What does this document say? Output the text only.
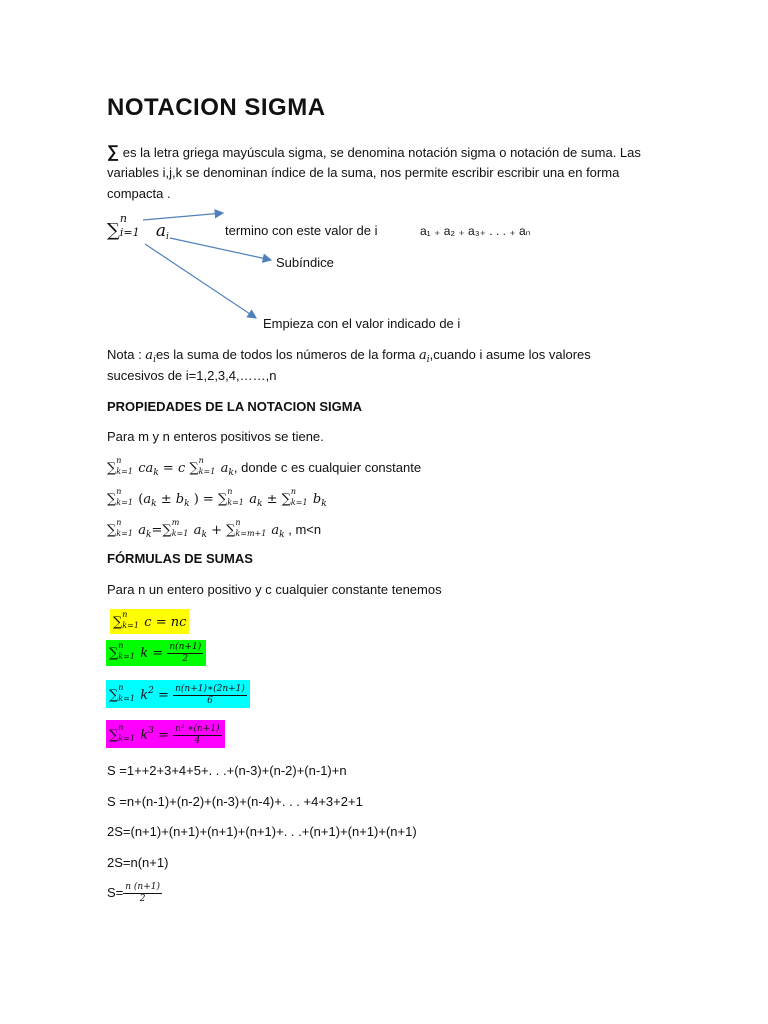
NOTACION SIGMA
∑ es la letra griega mayúscula sigma, se denomina notación sigma o notación de suma. Las
variables i,j,k se denominan índice de la suma, nos permite escribir escribir una en forma
compacta .
∑
n
i=1 $a_i$	termino con este valor de i	a₁ ₊ a₂ ₊ a₃₊ . . . ₊ aₙ
Subíndice
Empieza con el valor indicado de i
Nota : $a_ies$ la suma de todos los números de la forma $a_i,cuando$ i asume los valores
sucesivos de i=1,2,3,4,……,n
PROPIEDADES DE LA NOTACION SIGMA
Para m y n enteros positivos se tiene.
∑
n
k=1 $ca_k = c$ ∑
n
k=1 $a_k$, donde c es cualquier constante
∑
n
k=1 ($a_k \pm b_k$ ) = ∑
n
k=1 $a_k$ ± ∑
n
k=1 $b_k$
∑
n
k=1 $a_k=\sum$
m
k=1 $a_k$ + ∑
n
k=m+1 $a_k$ , m<n
FÓRMULAS DE SUMAS
Para n un entero positivo y c cualquier constante tenemos
∑
n
k=1 c = nc
∑
n
k=1 $k = \frac{n(n+1)}{2}$
∑
n
k=1 $k^2 = \frac{n(n+1)∗(2n+1)}{6}$
∑
n
k=1 $k^3 = \frac{\text{n² ∗(n+1)}}{4}$
S =1++2+3+4+5+. . .+(n-3)+(n-2)+(n-1)+n
S =n+(n-1)+(n-2)+(n-3)+(n-4)+. . . +4+3+2+1
2S=(n+1)+(n+1)+(n+1)+(n+1)+. . .+(n+1)+(n+1)+(n+1)
2S=n(n+1)
$S= \frac{n (n+1)}{2}$
